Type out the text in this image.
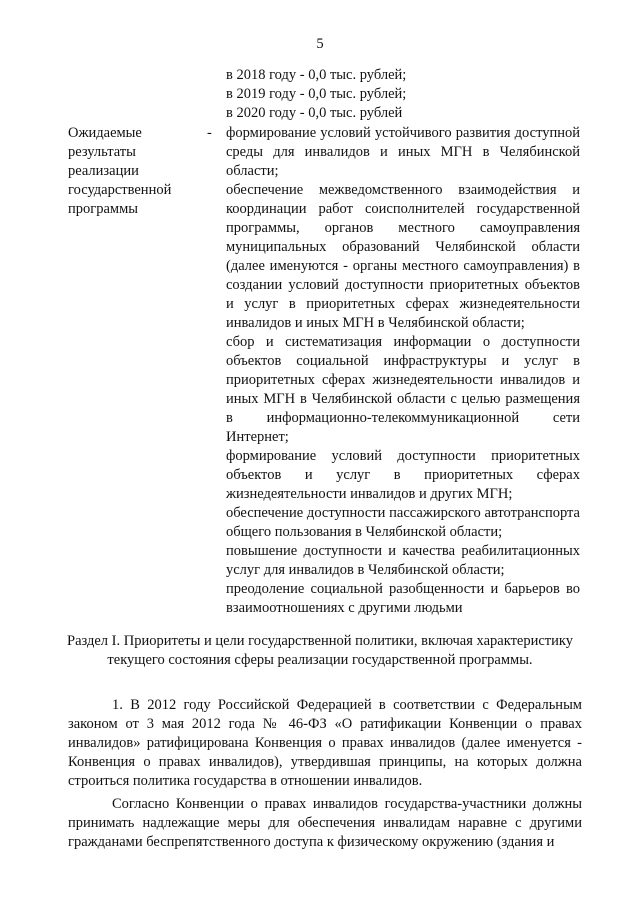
5
в 2018 году - 0,0 тыс. рублей;
в 2019 году - 0,0 тыс. рублей;
в 2020 году - 0,0 тыс. рублей
Ожидаемые результаты реализации государственной программы
- формирование условий устойчивого развития доступной среды для инвалидов и иных МГН в Челябинской области;

обеспечение межведомственного взаимодействия и координации работ соисполнителей государственной программы, органов местного самоуправления муниципальных образований Челябинской области (далее именуются - органы местного самоуправления) в создании условий доступности приоритетных объектов и услуг в приоритетных сферах жизнедеятельности инвалидов и иных МГН в Челябинской области;

сбор и систематизация информации о доступности объектов социальной инфраструктуры и услуг в приоритетных сферах жизнедеятельности инвалидов и иных МГН в Челябинской области с целью размещения в информационно-телекоммуникационной сети Интернет;

формирование условий доступности приоритетных объектов и услуг в приоритетных сферах жизнедеятельности инвалидов и других МГН;

обеспечение доступности пассажирского автотранспорта общего пользования в Челябинской области;

повышение доступности и качества реабилитационных услуг для инвалидов в Челябинской области;

преодоление социальной разобщенности и барьеров во взаимоотношениях с другими людьми

Раздел I. Приоритеты и цели государственной политики, включая характеристику текущего состояния сферы реализации государственной программы.

1. В 2012 году Российской Федерацией в соответствии с Федеральным законом от 3 мая 2012 года № 46-ФЗ «О ратификации Конвенции о правах инвалидов» ратифицирована Конвенция о правах инвалидов (далее именуется - Конвенция о правах инвалидов), утвердившая принципы, на которых должна строиться политика государства в отношении инвалидов.

Согласно Конвенции о правах инвалидов государства-участники должны принимать надлежащие меры для обеспечения инвалидам наравне с другими гражданами беспрепятственного доступа к физическому окружению (здания и
